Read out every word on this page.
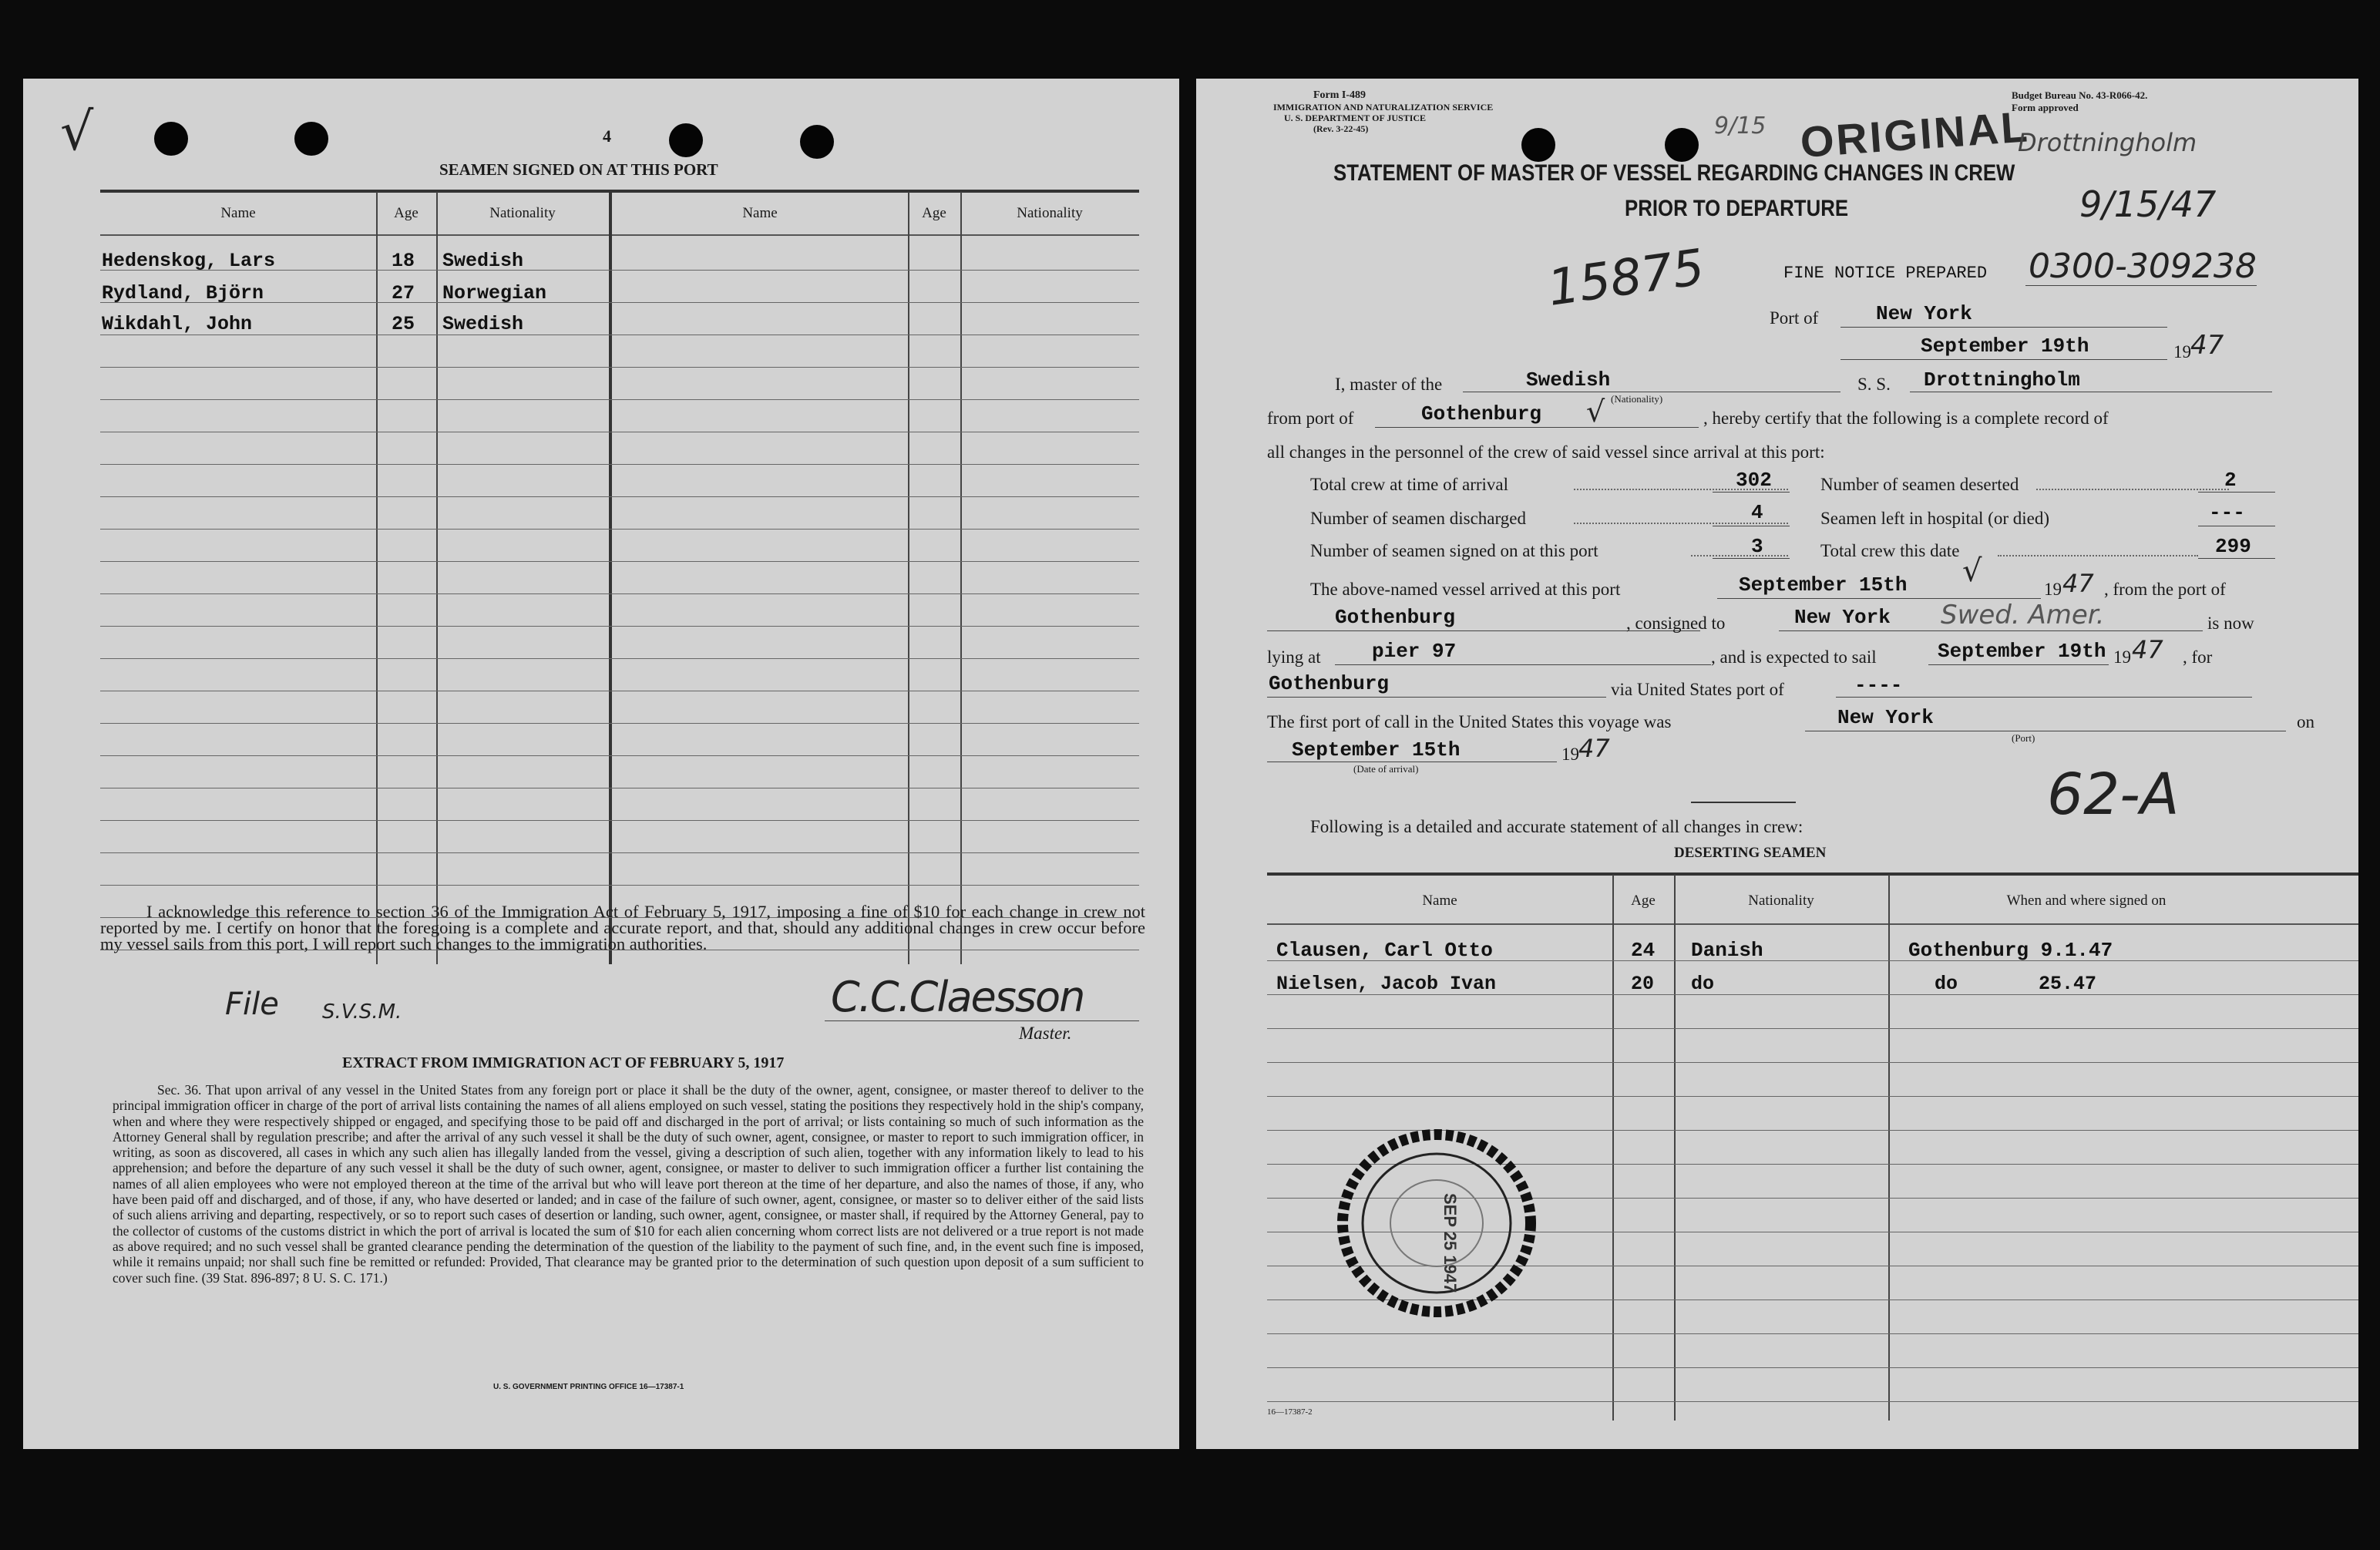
√	4
SEAMEN SIGNED ON AT THIS PORT
Name	Age	Nationality	Name	Age	Nationality
Hedenskog, Lars	18 Swedish
Rydland, Björn	27 Norwegian
Wikdahl, John	25 Swedish
I acknowledge this reference to section 36 of the Immigration Act of February 5, 1917, imposing a fine of $10 for each change in crew not reported by me. I certify on honor that the foregoing is a complete and accurate report, and that, should any additional changes in crew occur before my vessel sails from this port, I will report such changes to the immigration authorities.
File S.V.S.M.	C.C.Claesson
Master.
EXTRACT FROM IMMIGRATION ACT OF FEBRUARY 5, 1917
Sec. 36. That upon arrival of any vessel in the United States from any foreign port or place it shall be the duty of the owner, agent, consignee, or master thereof to deliver to the principal immigration officer in charge of the port of arrival lists containing the names of all aliens employed on such vessel, stating the positions they respectively hold in the ship's company, when and where they were respectively shipped or engaged, and specifying those to be paid off and discharged in the port of arrival; or lists containing so much of such information as the Attorney General shall by regulation prescribe; and after the arrival of any such vessel it shall be the duty of such owner, agent, consignee, or master to report to such immigration officer, in writing, as soon as discovered, all cases in which any such alien has illegally landed from the vessel, giving a description of such alien, together with any information likely to lead to his apprehension; and before the departure of any such vessel it shall be the duty of such owner, agent, consignee, or master to deliver to such immigration officer a further list containing the names of all alien employees who were not employed thereon at the time of the arrival but who will leave port thereon at the time of her departure, and also the names of those, if any, who have been paid off and discharged, and of those, if any, who have deserted or landed; and in case of the failure of such owner, agent, consignee, or master so to deliver either of the said lists of such aliens arriving and departing, respectively, or so to report such cases of desertion or landing, such owner, agent, consignee, or master shall, if required by the Attorney General, pay to the collector of customs of the customs district in which the port of arrival is located the sum of $10 for each alien concerning whom correct lists are not delivered or a true report is not made as above required; and no such vessel shall be granted clearance pending the determination of the question of the liability to the payment of such fine, and, in the event such fine is imposed, while it remains unpaid; nor shall such fine be remitted or refunded: Provided, That clearance may be granted prior to the determination of such question upon deposit of a sum sufficient to cover such fine. (39 Stat. 896-897; 8 U. S. C. 171.)
U. S. GOVERNMENT PRINTING OFFICE 16—17387-1
Form I-489
IMMIGRATION AND NATURALIZATION SERVICE
U. S. DEPARTMENT OF JUSTICE
(Rev. 3-22-45)
Budget Bureau No. 43-R066-42.
Form approved
9/15 ORIGINAL
Drottningholm
9/15/47
STATEMENT OF MASTER OF VESSEL REGARDING CHANGES IN CREW
PRIOR TO DEPARTURE
15875	FINE NOTICE PREPARED 0300-309238
Port of	New York
September 19th	19 47
I, master of the	Swedish
(Nationality)
S. S. Drottningholm
from port of	Gothenburg √	, hereby certify that the following is a complete record of
all changes in the personnel of the crew of said vessel since arrival at this port:
Total crew at time of arrival	302	Number of seamen deserted	2
Number of seamen discharged	4	Seamen left in hospital (or died)	---
Number of seamen signed on at this port	3	Total crew this date	299
The above-named vessel arrived at this port	September 15th √
19 47 , from the port of
Gothenburg	, consigned to	New York Swed. Amer.	is now
lying at	pier 97	, and is expected to sail	September 19th 19 47 , for
Gothenburg	via United States port of	----
The first port of call in the United States this voyage was	New York
(Port)
on
September 15th
(Date of arrival)
19 47
62-A
Following is a detailed and accurate statement of all changes in crew:
DESERTING SEAMEN
Name	Age	Nationality	When and where signed on
Clausen, Carl Otto	24 Danish	Gothenburg 9.1.47
Nielsen, Jacob Ivan	20 do	do       25.47
SEP 25 1947
16—17387-2
